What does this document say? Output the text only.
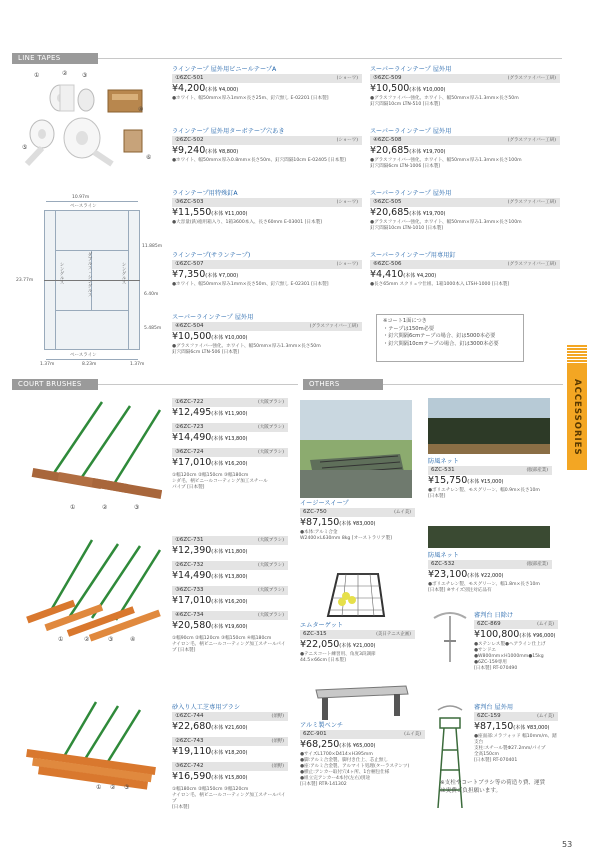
LINE TAPES
COURT BRUSHES	OTHERS	ACCESSORIES
①	② ③
④
⑤
⑥
10.97m
ベースライン
23.77m
11.885m
6.40m
5.485m
シングルス	ダブルス・シングルス	シングルス
ベースライン
1.37m	8.23m	1.37m
ラインテープ 屋外用ビニールテープA
①6ZC-501	(ショーワ)
¥4,200(本体 ¥4,000)
●ホワイト、幅50mm×厚み1mm×長さ25m、釘穴無し E-02201 [日本製]
ラインテープ 屋外用ターボテープ穴あき
②6ZC-502	(ショーワ)
¥9,240(本体 ¥8,800)
●ホワイト、幅50mm×厚み0.8mm×長さ50m、釘穴間隔10cm E-02405 [日本製]
ラインテープ用特殊釘A
③6ZC-503	(ショーワ)
¥11,550(本体 ¥11,000)
●大容量(鉄)徳用箱入り、1箱3600本入、長さ60mm E-03001 [日本製]
ラインテープ(サランテープ)
①6ZC-507	(ショーワ)
¥7,350(本体 ¥7,000)
●ホワイト、幅50mm×厚み1mm×長さ50m、釘穴無し E-02301 [日本製]
スーパーラインテープ 屋外用
④6ZC-504	(グラスファイバー工研)
¥10,500(本体 ¥10,000)
●グラスファイバー強化、ホワイト、幅50mm×厚み1.3mm×長さ50m
釘穴間隔6cm LTN-506 [日本製]
スーパーラインテープ 屋外用
⑤6ZC-509	(グラスファイバー工研)
¥10,500(本体 ¥10,000)
●グラスファイバー強化、ホワイト、幅50mm×厚み1.3mm×長さ50m
釘穴間隔10cm LTN-510 [日本製]
スーパーラインテープ 屋外用
④6ZC-508	(グラスファイバー工研)
¥20,685(本体 ¥19,700)
●グラスファイバー強化、ホワイト、幅50mm×厚み1.3mm×長さ100m
釘穴間隔6cm LTN-1006 [日本製]
スーパーラインテープ 屋外用
⑤6ZC-505	(グラスファイバー工研)
¥20,685(本体 ¥19,700)
●グラスファイバー強化、ホワイト、幅50mm×厚み1.3mm×長さ100m
釘穴間隔10cm LTN-1010 [日本製]
スーパーラインテープ用専用釘
⑥6ZC-506	(グラスファイバー工研)
¥4,410(本体 ¥4,200)
●長さ65mm スクリュウ仕組、1箱1000本入 LTSH-1000 [日本製]
※コート1面につき
・テープは150m必要
・釘穴間隔6cmテープの場合、釘は5000本必要
・釘穴間隔10cmテープの場合、釘は3000本必要
①	②	③
①	②	③	④
① ② ③
①6ZC-722	(大阪ブラシ)
¥12,495(本体 ¥11,900)
②6ZC-723	(大阪ブラシ)
¥14,490(本体 ¥13,800)
③6ZC-724	(大阪ブラシ)
¥17,010(本体 ¥16,200)
①幅120cm ②幅150cm ③幅180cm
シダ毛、柄ビニールコーティング加工スチール
パイプ [日本製]
①6ZC-731	(大阪ブラシ)
¥12,390(本体 ¥11,800)
②6ZC-732	(大阪ブラシ)
¥14,490(本体 ¥13,800)
③6ZC-733	(大阪ブラシ)
¥17,010(本体 ¥16,200)
④6ZC-734	(大阪ブラシ)
¥20,580(本体 ¥19,600)
①幅90cm ②幅120cm ③幅150cm ④幅180cm
ナイロン毛、柄ビニールコーティング加工スチールパイ
プ [日本製]
砂入り人工芝専用ブラシ
①6ZC-744	(須野)
¥22,680(本体 ¥21,600)
②6ZC-743	(須野)
¥19,110(本体 ¥18,200)
③6ZC-742	(須野)
¥16,590(本体 ¥15,800)
①幅180cm ②幅150cm ③幅120cm
ナイロン毛、柄ビニールコーティング加工スチールパイプ
[日本製]
イージースイープ
6ZC-750	(ムイ美)
¥87,150(本体 ¥83,000)
●本体:アルミ合金
W2400×L630mm 8kg [オーストラリア製]
エムターゲット
6ZC-315	(美日テニス企画)
¥22,050(本体 ¥21,000)
●テニスコート練習用、角度3段調節
44.5×66cm [日本製]
アルミ製ベンチ
6ZC-901	(ムイ美)
¥68,250(本体 ¥65,000)
●サイズL1700×D414×H395mm
●脚:アルミ合金製、脚付き仕上、芯止無し
●座:アルミ合金製、アルマイト処理(ターラステンツ)
●横止:アンカー取付穴4ヶ所、1台梱包仕様
●組立完アンカー4本付(左右)別途
[日本製] RTR-141302
防風ネット
6ZC-531	(服部産業)
¥15,750(本体 ¥15,000)
●ポリエチレン製、モスグリーン、幅0.9m×長さ10m
[日本製]
防風ネット
6ZC-532	(服部産業)
¥23,100(本体 ¥22,000)
●ポリエチレン製、モスグリーン、幅1.8m×長さ10m
[日本製] ※サイズ別注対応品有
審判台 日除け
6ZC-869	(ムイ美)
¥100,800(本体 ¥96,000)
●ステンレス製●ヘアライン仕上げ
●サンドエ
●W800mm×H1000mm●15kg
●6ZC-159専用
[日本製] RT-070490
審判台 屋外用
6ZC-159	(ムイ美)
¥87,150(本体 ¥83,000)
●座面部:メラフォッド 幅10mm/m、踏支台
支柱:スチール製Φ27.2mm/パイプ
全高150cm
[日本製] RT-070401
※支柱やコートブラシ等の荷造り費、運賃
は実費ご負担願います。
53
